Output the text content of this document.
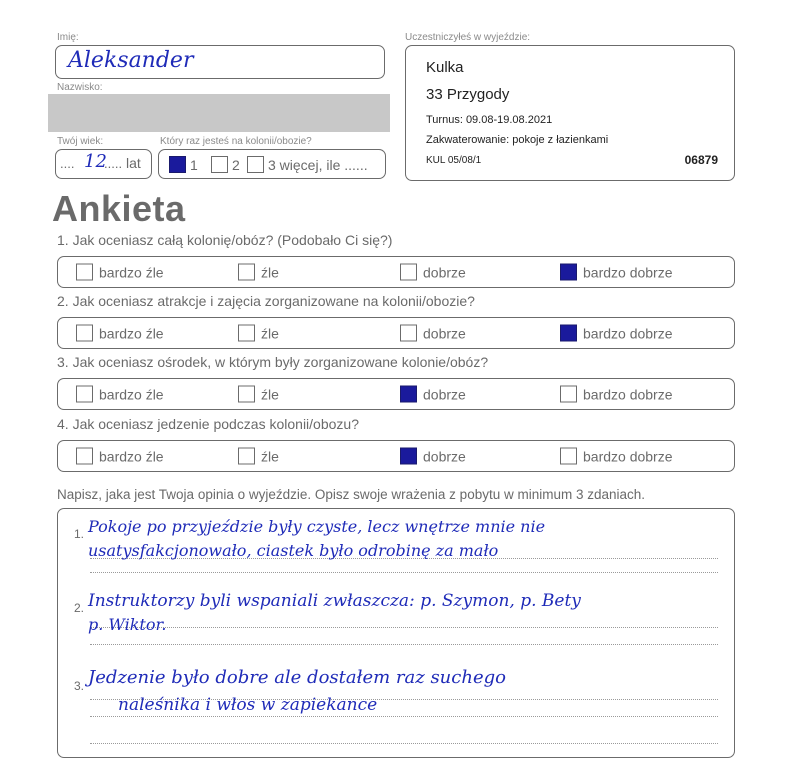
Imię:
Aleksander
Nazwisko:
Twój wiek:
.... 12
..... lat
Który raz jesteś na kolonii/obozie?
1 2 3 więcej, ile ......
Uczestniczyłeś w wyjeździe:
Kulka
33 Przygody
Turnus: 09.08-19.08.2021
Zakwaterowanie: pokoje z łazienkami
KUL 05/08/1	06879
Ankieta
1. Jak oceniasz całą kolonię/obóz? (Podobało Ci się?)
bardzo źle	źle	dobrze	bardzo dobrze
2. Jak oceniasz atrakcje i zajęcia zorganizowane na kolonii/obozie?
bardzo źle	źle	dobrze	bardzo dobrze
3. Jak oceniasz ośrodek, w którym były zorganizowane kolonie/obóz?
bardzo źle	źle	dobrze	bardzo dobrze
4. Jak oceniasz jedzenie podczas kolonii/obozu?
bardzo źle	źle	dobrze	bardzo dobrze
Napisz, jaka jest Twoja opinia o wyjeździe. Opisz swoje wrażenia z pobytu w minimum 3 zdaniach.
1. Pokoje po przyjeździe były czyste, lecz wnętrze mnie nie
usatysfakcjonowało, ciastek było odrobinę za mało
2. Instruktorzy byli wspaniali zwłaszcza: p. Szymon, p. Bety
p. Wiktor.
3. Jedzenie było dobre ale dostałem raz suchego
naleśnika i włos w zapiekance
